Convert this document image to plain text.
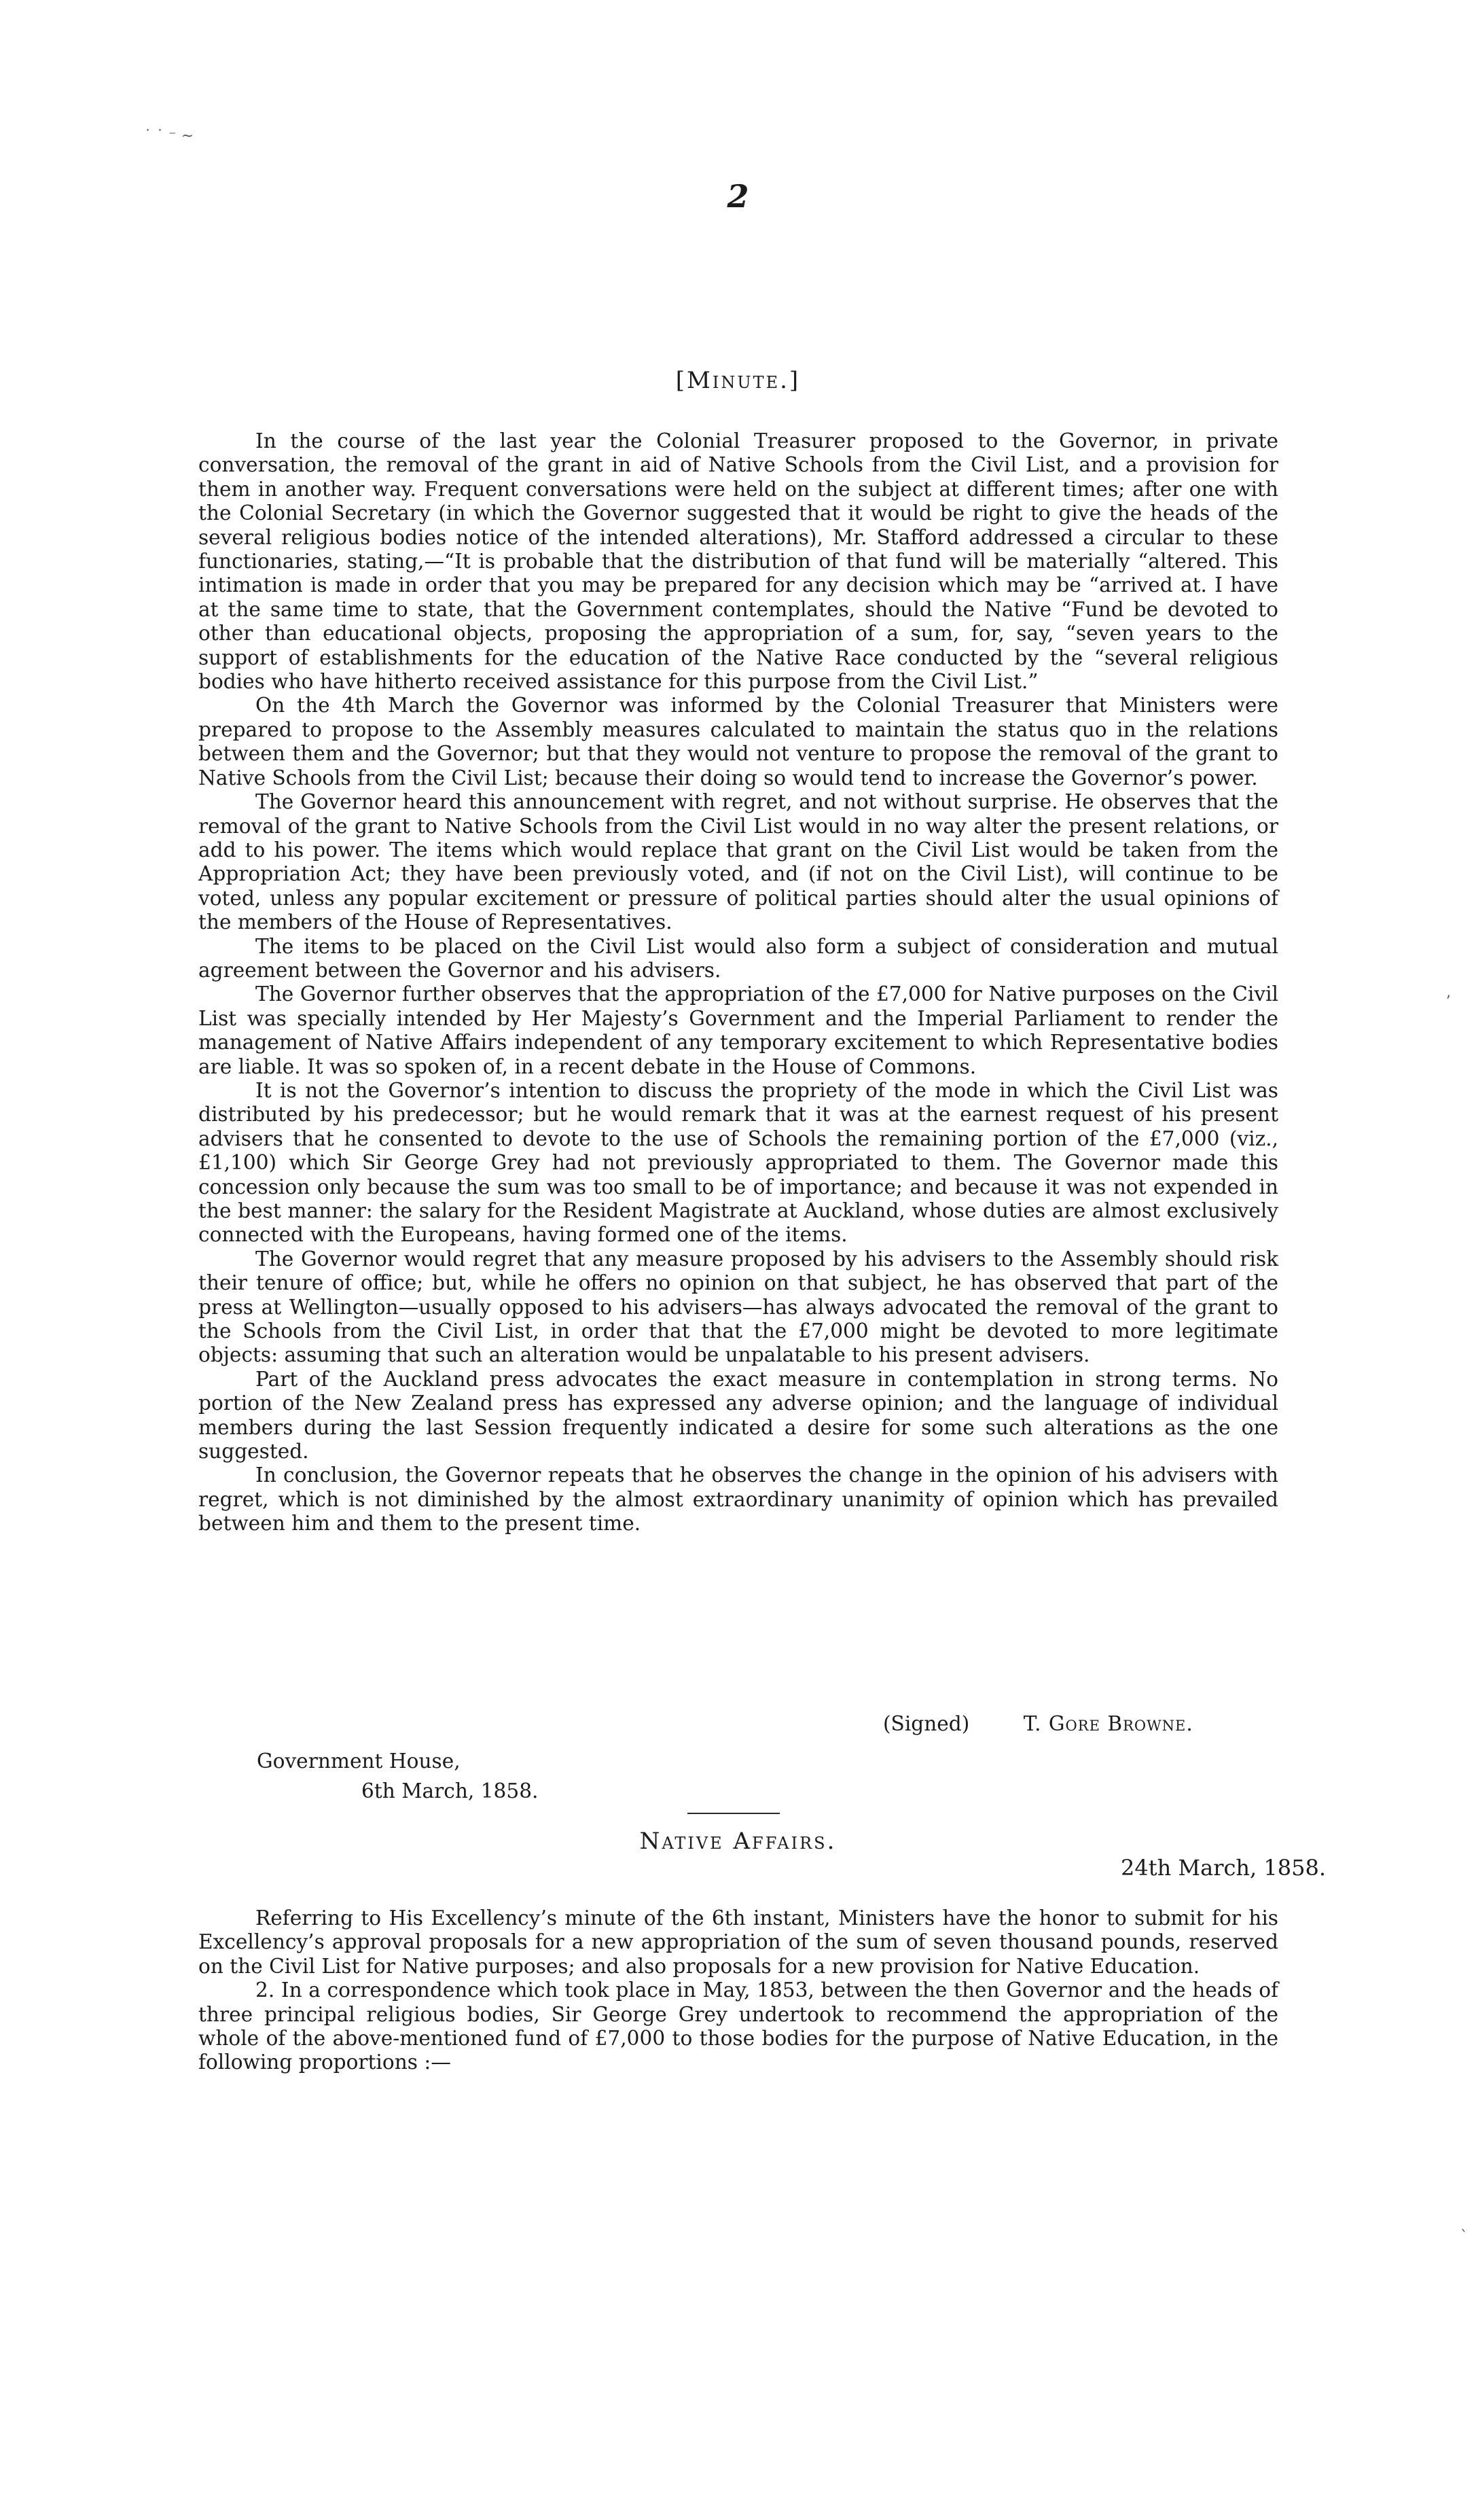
˙ ˙ ⁻ ~
ʼ
ˋ
2
[Minute.]

In the course of the last year the Colonial Treasurer proposed to the Governor, in private conversation, the removal of the grant in aid of Native Schools from the Civil List, and a provision for them in another way. Frequent conversations were held on the subject at different times; after one with the Colonial Secretary (in which the Governor suggested that it would be right to give the heads of the several religious bodies notice of the intended alterations), Mr. Stafford addressed a circular to these functionaries, stating,—“It is probable that the distribution of that fund will be materially “altered. This intimation is made in order that you may be prepared for any decision which may be “arrived at. I have at the same time to state, that the Government contemplates, should the Native “Fund be devoted to other than educational objects, proposing the appropriation of a sum, for, say, “seven years to the support of establishments for the education of the Native Race conducted by the “several religious bodies who have hitherto received assistance for this purpose from the Civil List.”

On the 4th March the Governor was informed by the Colonial Treasurer that Ministers were prepared to propose to the Assembly measures calculated to maintain the status quo in the relations between them and the Governor; but that they would not venture to propose the removal of the grant to Native Schools from the Civil List; because their doing so would tend to increase the Governor’s power.

The Governor heard this announcement with regret, and not without surprise. He observes that the removal of the grant to Native Schools from the Civil List would in no way alter the present relations, or add to his power. The items which would replace that grant on the Civil List would be taken from the Appropriation Act; they have been previously voted, and (if not on the Civil List), will continue to be voted, unless any popular excitement or pressure of political parties should alter the usual opinions of the members of the House of Representatives.

The items to be placed on the Civil List would also form a subject of consideration and mutual agreement between the Governor and his advisers.

The Governor further observes that the appropriation of the £7,000 for Native purposes on the Civil List was specially intended by Her Majesty’s Government and the Imperial Parliament to render the management of Native Affairs independent of any temporary excitement to which Representative bodies are liable. It was so spoken of, in a recent debate in the House of Commons.

It is not the Governor’s intention to discuss the propriety of the mode in which the Civil List was distributed by his predecessor; but he would remark that it was at the earnest request of his present advisers that he consented to devote to the use of Schools the remaining portion of the £7,000 (viz., £1,100) which Sir George Grey had not previously appropriated to them. The Governor made this concession only because the sum was too small to be of importance; and because it was not expended in the best manner: the salary for the Resident Magistrate at Auckland, whose duties are almost exclusively connected with the Europeans, having formed one of the items.

The Governor would regret that any measure proposed by his advisers to the Assembly should risk their tenure of office; but, while he offers no opinion on that subject, he has observed that part of the press at Wellington—usually opposed to his advisers—has always advocated the removal of the grant to the Schools from the Civil List, in order that that the £7,000 might be devoted to more legitimate objects: assuming that such an alteration would be unpalatable to his present advisers.

Part of the Auckland press advocates the exact measure in contemplation in strong terms. No portion of the New Zealand press has expressed any adverse opinion; and the language of individual members during the last Session frequently indicated a desire for some such alterations as the one suggested.

In conclusion, the Governor repeats that he observes the change in the opinion of his advisers with regret, which is not diminished by the almost extraordinary unanimity of opinion which has prevailed between him and them to the present time.

(Signed)	T. Gore Browne.
Government House,
6th March, 1858.
Native Affairs.
24th March, 1858.

Referring to His Excellency’s minute of the 6th instant, Ministers have the honor to submit for his Excellency’s approval proposals for a new appropriation of the sum of seven thousand pounds, reserved on the Civil List for Native purposes; and also proposals for a new provision for Native Education.

2. In a correspondence which took place in May, 1853, between the then Governor and the heads of three principal religious bodies, Sir George Grey undertook to recommend the appropriation of the whole of the above-mentioned fund of £7,000 to those bodies for the purpose of Native Education, in the following proportions :—
